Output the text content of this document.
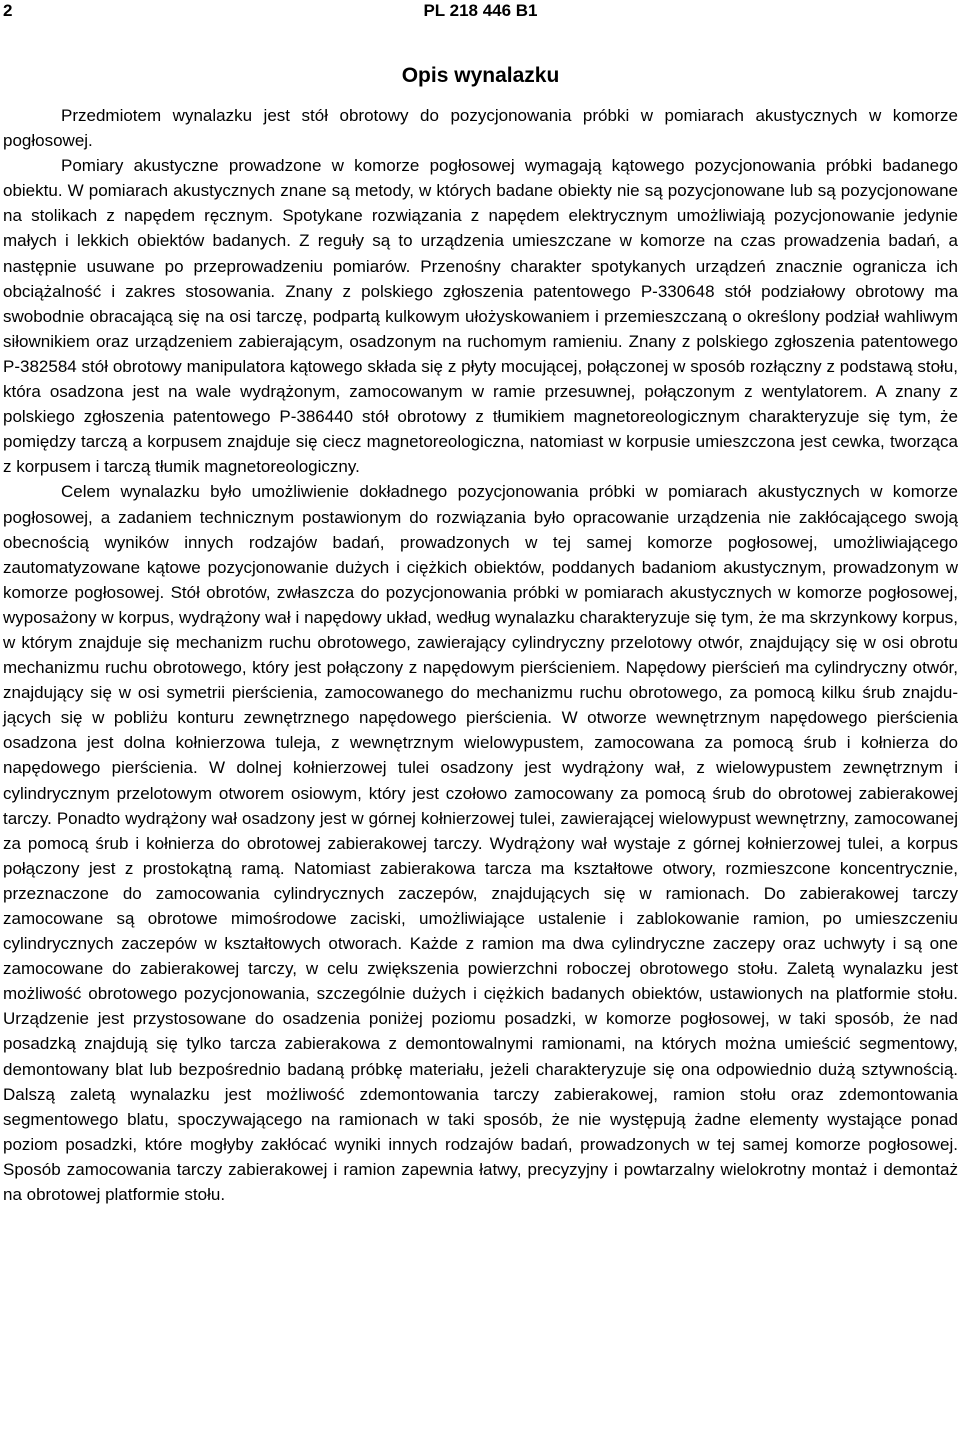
2	PL 218 446 B1
Opis wynalazku

Przedmiotem wynalazku jest stół obrotowy do pozycjonowania próbki w pomiarach akustycznych w komorze pogłosowej.

Pomiary akustyczne prowadzone w komorze pogłosowej wymagają kątowego pozycjonowania próbki badanego obiektu. W pomiarach akustycznych znane są metody, w których badane obiekty nie są pozycjonowane lub są pozycjonowane na stolikach z napędem ręcznym. Spotykane rozwiązania z napędem elektrycznym umożliwiają pozycjonowanie jedynie małych i lekkich obiektów badanych. Z reguły są to urządzenia umieszczane w komorze na czas prowadzenia badań, a następnie usuwane po przeprowadzeniu pomiarów. Przenośny charakter spotykanych urządzeń znacznie ogranicza ich obciążalność i zakres stosowania. Znany z polskiego zgłoszenia patentowego P-330648 stół podziałowy obrotowy ma swobodnie obracającą się na osi tarczę, podpartą kulkowym ułożyskowaniem i przemieszczaną o określony podział wahliwym siłownikiem oraz urządzeniem zabierającym, osadzonym na ruchomym ramieniu. Znany z polskiego zgłoszenia patentowego P-382584 stół obrotowy manipulatora kątowego składa się z płyty mocującej, połączonej w sposób rozłączny z podstawą stołu, która osadzona jest na wale wydrążonym, zamocowanym w ramie przesuwnej, połączonym z wentylatorem. A znany z polskiego zgłoszenia patentowego P-386440 stół obrotowy z tłumikiem magnetoreologicznym charakteryzuje się tym, że pomiędzy tarczą a korpusem znajduje się ciecz magnetoreologiczna, natomiast w korpusie umieszczona jest cewka, tworząca z korpusem i tarczą tłumik magnetoreologiczny.

Celem wynalazku było umożliwienie dokładnego pozycjonowania próbki w pomiarach akustycznych w komorze pogłosowej, a zadaniem technicznym postawionym do rozwiązania było opracowanie urządzenia nie zakłócającego swoją obecnością wyników innych rodzajów badań, prowadzonych w tej samej komorze pogłosowej, umożliwiającego zautomatyzowane kątowe pozycjonowanie dużych i ciężkich obiektów, poddanych badaniom akustycznym, prowadzonym w komorze pogłosowej. Stół obrotów, zwłaszcza do pozycjonowania próbki w pomiarach akustycznych w komorze pogłosowej, wyposażony w korpus, wydrążony wał i napędowy układ, według wynalazku charakteryzuje się tym, że ma skrzynkowy korpus, w którym znajduje się mechanizm ruchu obrotowego, zawierający cylindryczny przelotowy otwór, znajdujący się w osi obrotu mechanizmu ruchu obrotowego, który jest połączony z napędowym pierścieniem. Napędowy pierścień ma cylindryczny otwór, znajdujący się w osi symetrii pierścienia, zamocowanego do mechanizmu ruchu obrotowego, za pomocą kilku śrub znajdujących się w pobliżu konturu zewnętrznego napędowego pierścienia. W otworze wewnętrznym napędowego pierścienia osadzona jest dolna kołnierzowa tuleja, z wewnętrznym wielowypustem, zamocowana za pomocą śrub i kołnierza do napędowego pierścienia. W dolnej kołnierzowej tulei osadzony jest wydrążony wał, z wielowypustem zewnętrznym i cylindrycznym przelotowym otworem osiowym, który jest czołowo zamocowany za pomocą śrub do obrotowej zabierakowej tarczy. Ponadto wydrążony wał osadzony jest w górnej kołnierzowej tulei, zawierającej wielowypust wewnętrzny, zamocowanej za pomocą śrub i kołnierza do obrotowej zabierakowej tarczy. Wydrążony wał wystaje z górnej kołnierzowej tulei, a korpus połączony jest z prostokątną ramą. Natomiast zabierakowa tarcza ma kształtowe otwory, rozmieszcone koncentrycznie, przeznaczone do zamocowania cylindrycznych zaczepów, znajdujących się w ramionach. Do zabierakowej tarczy zamocowane są obrotowe mimośrodowe zaciski, umożliwiające ustalenie i zablokowanie ramion, po umieszczeniu cylindrycznych zaczepów w kształtowych otworach. Każde z ramion ma dwa cylindryczne zaczepy oraz uchwyty i są one zamocowane do zabierakowej tarczy, w celu zwiększenia powierzchni roboczej obrotowego stołu. Zaletą wynalazku jest możliwość obrotowego pozycjonowania, szczególnie dużych i ciężkich badanych obiektów, ustawionych na platformie stołu. Urządzenie jest przystosowane do osadzenia poniżej poziomu posadzki, w komorze pogłosowej, w taki sposób, że nad posadzką znajdują się tylko tarcza zabierakowa z demontowalnymi ramionami, na których można umieścić segmentowy, demontowany blat lub bezpośrednio badaną próbkę materiału, jeżeli charakteryzuje się ona odpowiednio dużą sztywnością. Dalszą zaletą wynalazku jest możliwość zdemontowania tarczy zabierakowej, ramion stołu oraz zdemontowania segmentowego blatu, spoczywającego na ramionach w taki sposób, że nie występują żadne elementy wystające ponad poziom posadzki, które mogłyby zakłócać wyniki innych rodzajów badań, prowadzonych w tej samej komorze pogłosowej. Sposób zamocowania tarczy zabierakowej i ramion zapewnia łatwy, precyzyjny i powtarzalny wielokrotny montaż i demontaż na obrotowej platformie stołu.
